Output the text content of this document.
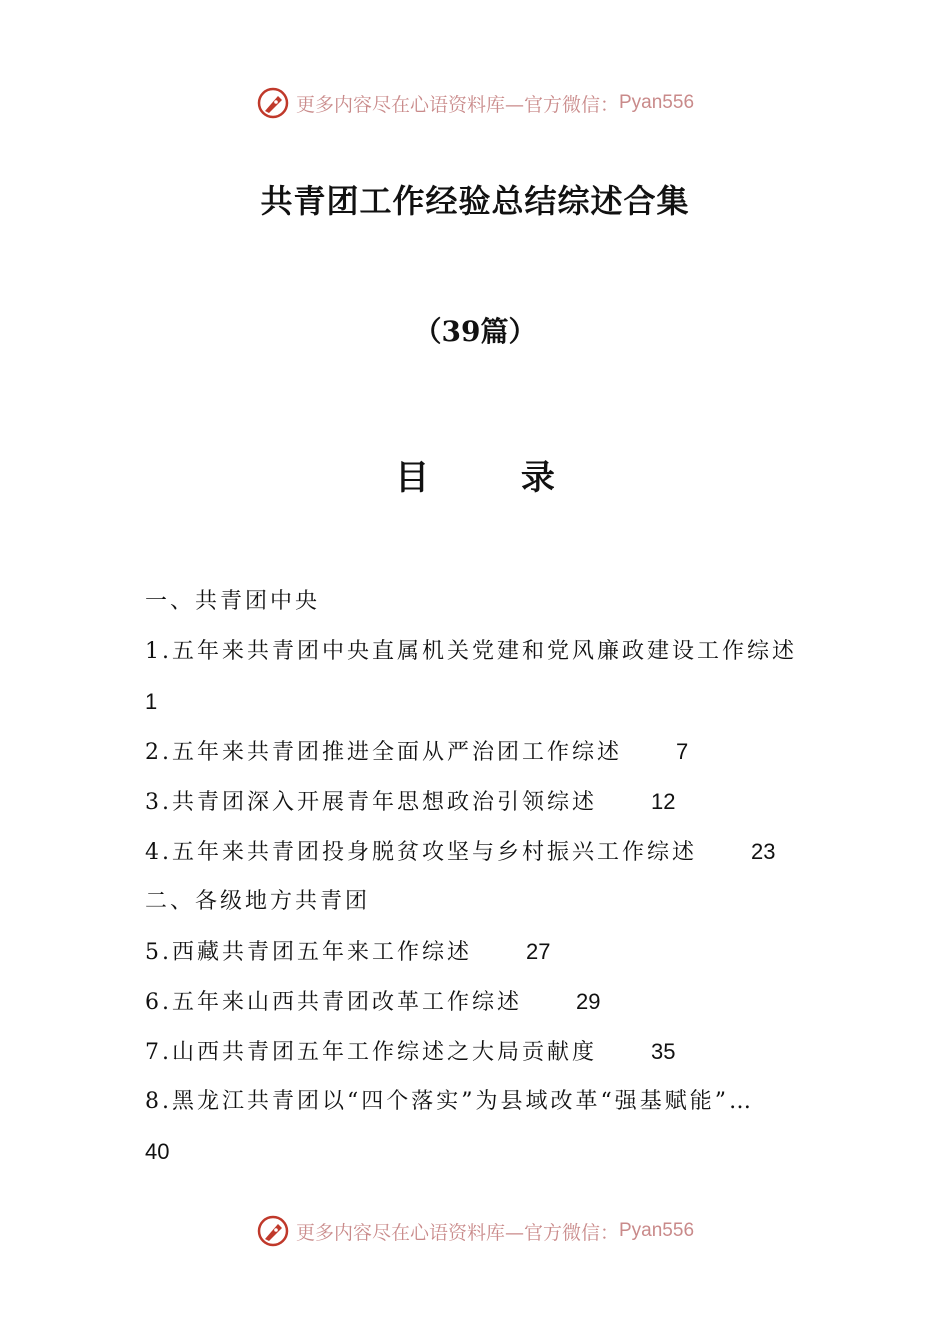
更多内容尽在心语资料库—官方微信： Pyan556
共青团工作经验总结综述合集
（39篇）
目 录
一、共青团中央
1.五年来共青团中央直属机关党建和党风廉政建设工作综述
1
2.五年来共青团推进全面从严治团工作综述 7
3.共青团深入开展青年思想政治引领综述 12
4.五年来共青团投身脱贫攻坚与乡村振兴工作综述 23
二、各级地方共青团
5.西藏共青团五年来工作综述 27
6.五年来山西共青团改革工作综述 29
7.山西共青团五年工作综述之大局贡献度 35
8.黑龙江共青团以“四个落实”为县域改革“强基赋能”…
40
更多内容尽在心语资料库—官方微信： Pyan556
